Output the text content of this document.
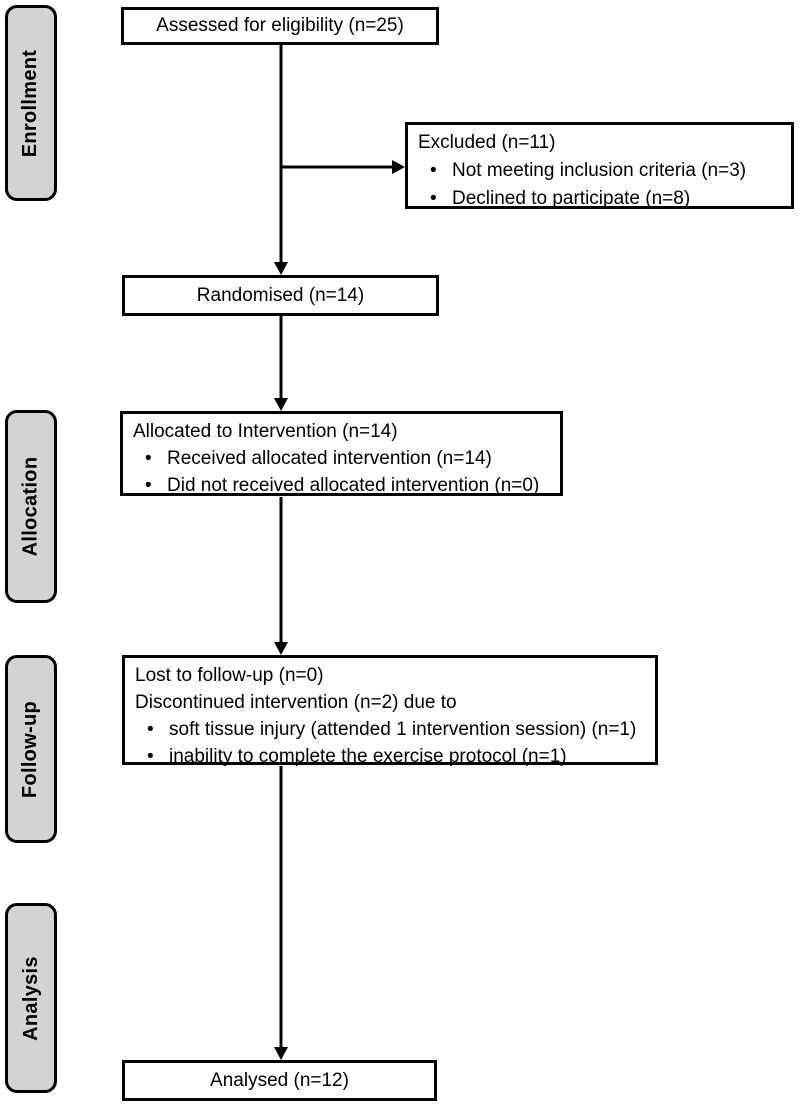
Enrollment
Allocation
Follow-up
Analysis
Assessed for eligibility (n=25)
Excluded (n=11)
• Not meeting inclusion criteria (n=3)
• Declined to participate (n=8)
Randomised (n=14)
Allocated to Intervention (n=14)
• Received allocated intervention (n=14)
• Did not received allocated intervention (n=0)
Lost to follow-up (n=0)
Discontinued intervention (n=2) due to
• soft tissue injury (attended 1 intervention session) (n=1)
• inability to complete the exercise protocol (n=1)
Analysed (n=12)
